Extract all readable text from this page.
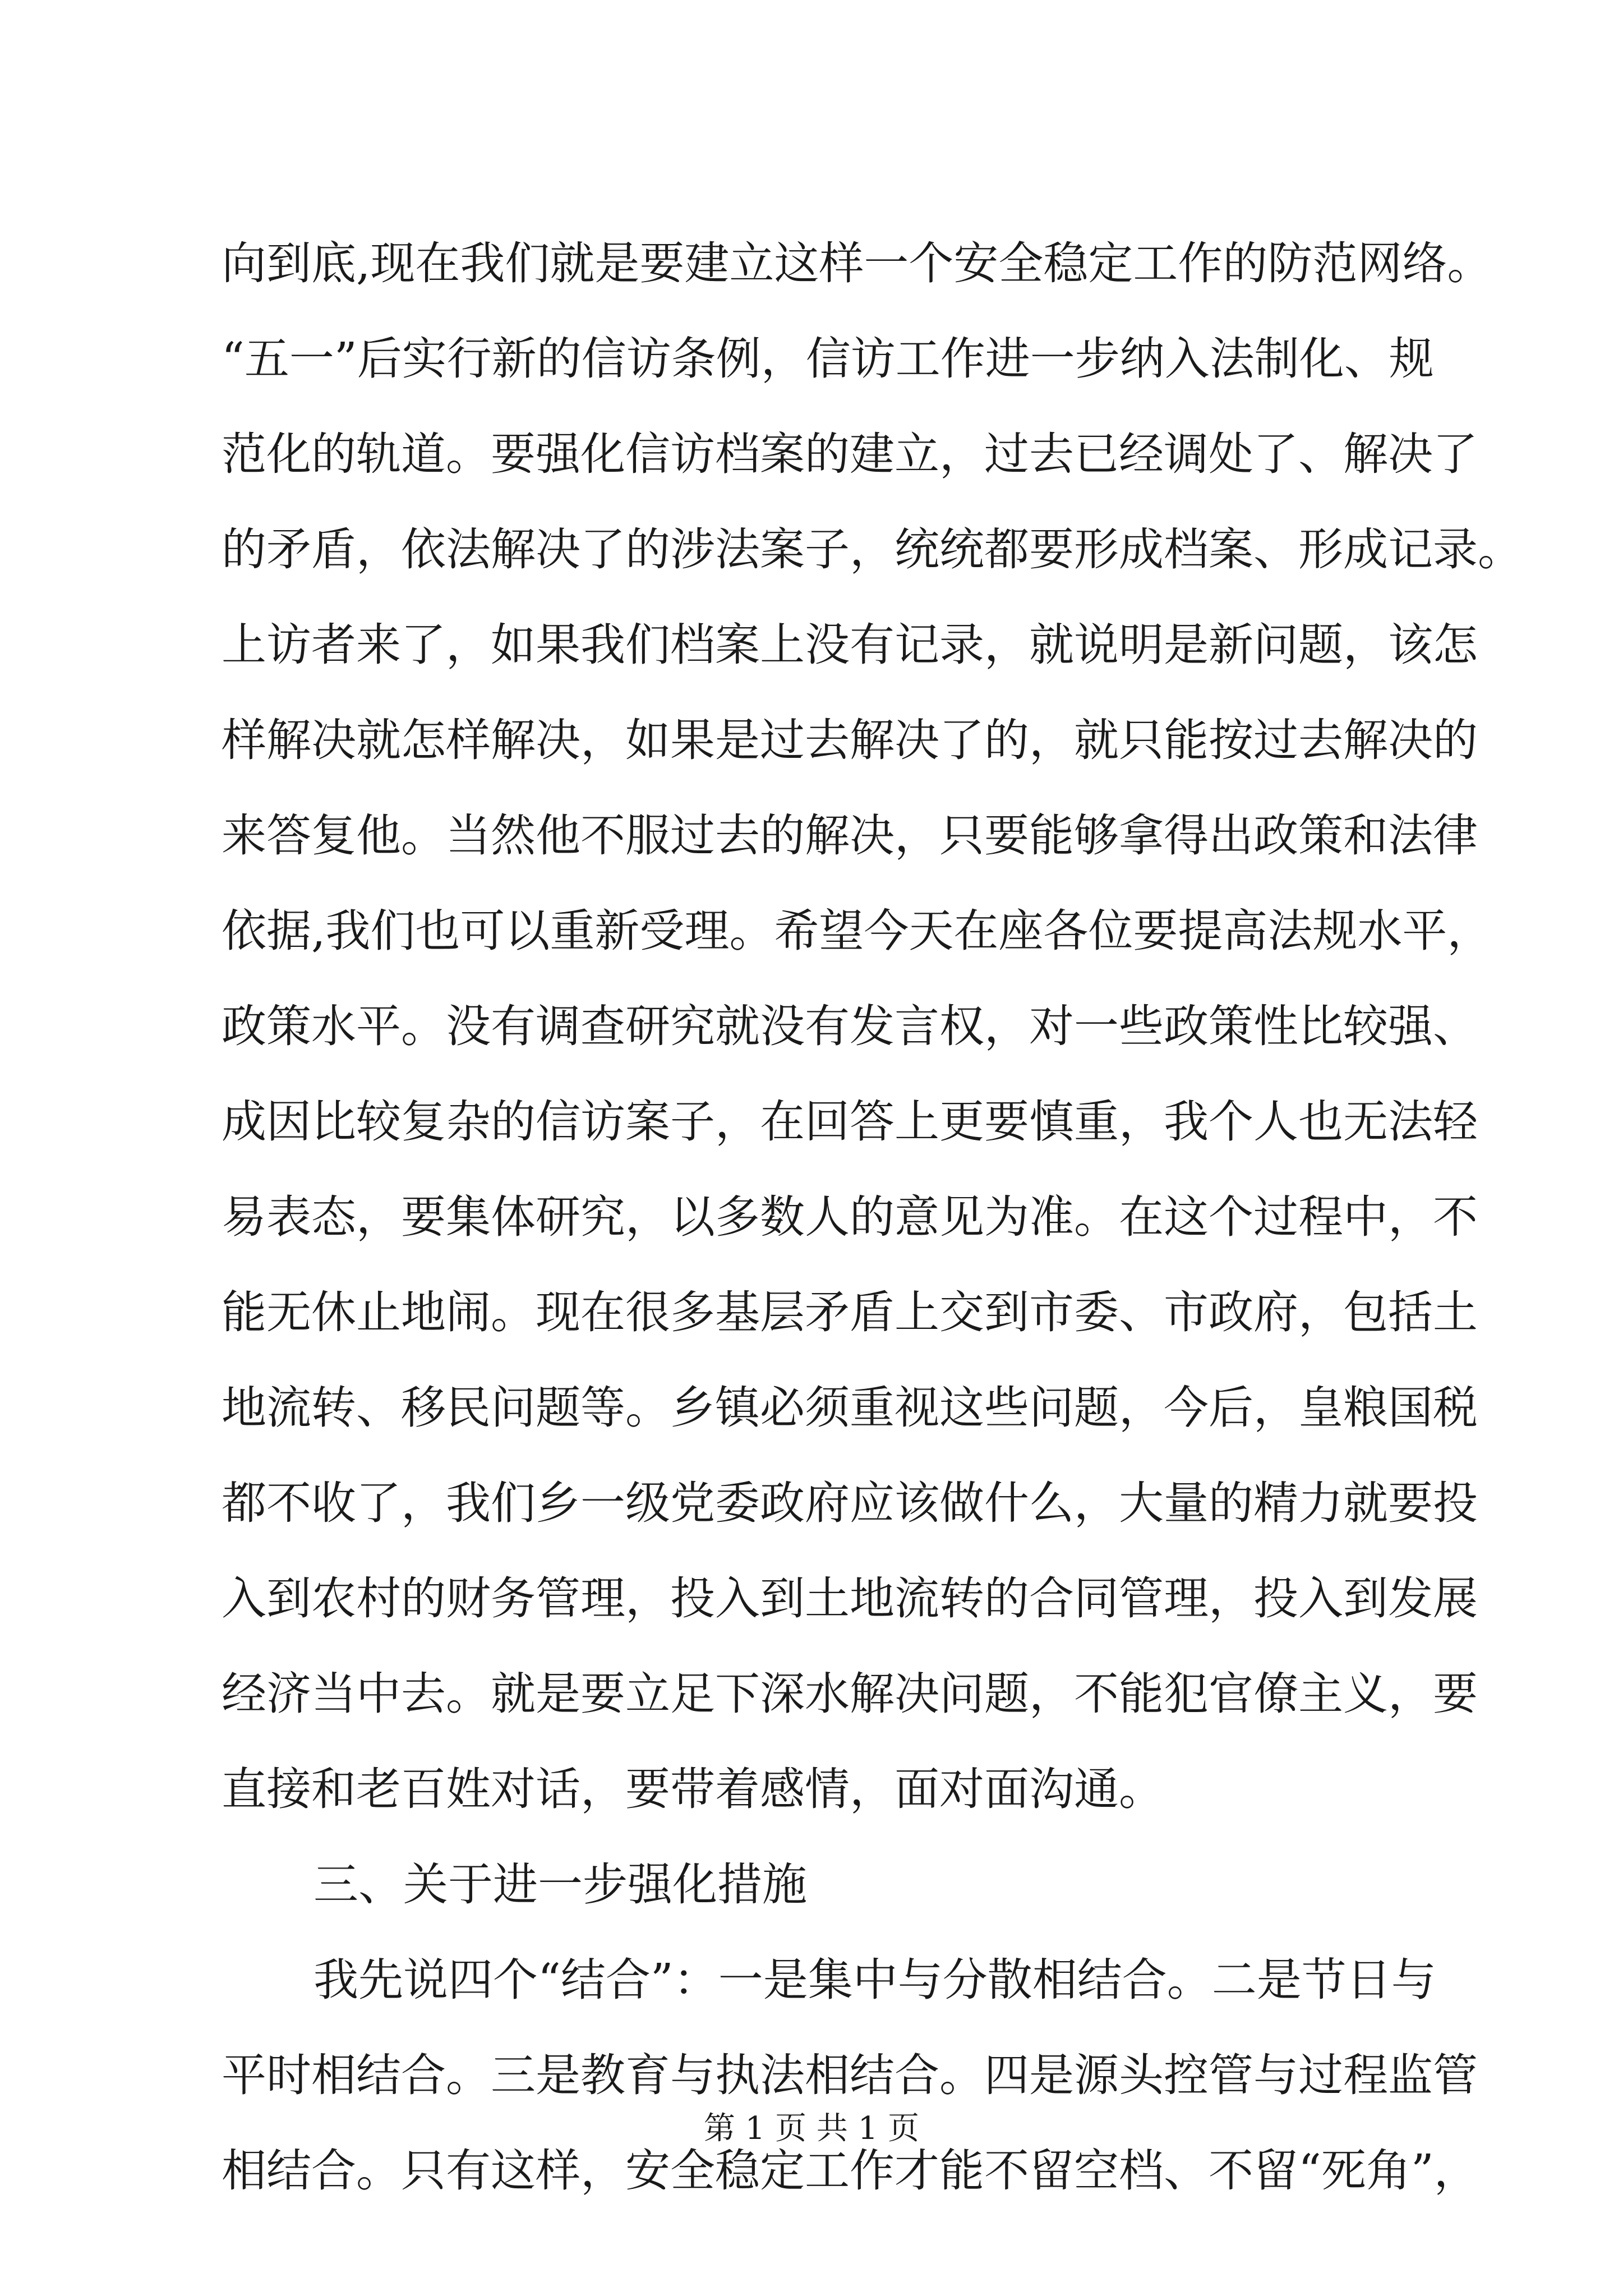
向到底,现在我们就是要建立这样一个安全稳定工作的防范网络。
“五一”后实行新的信访条例，信访工作进一步纳入法制化、规
范化的轨道。要强化信访档案的建立，过去已经调处了、解决了
的矛盾，依法解决了的涉法案子，统统都要形成档案、形成记录。
上访者来了，如果我们档案上没有记录，就说明是新问题，该怎
样解决就怎样解决，如果是过去解决了的，就只能按过去解决的
来答复他。当然他不服过去的解决，只要能够拿得出政策和法律
依据,我们也可以重新受理。希望今天在座各位要提高法规水平，
政策水平。没有调查研究就没有发言权，对一些政策性比较强、
成因比较复杂的信访案子，在回答上更要慎重，我个人也无法轻
易表态，要集体研究，以多数人的意见为准。在这个过程中，不
能无休止地闹。现在很多基层矛盾上交到市委、市政府，包括土
地流转、移民问题等。乡镇必须重视这些问题，今后，皇粮国税
都不收了，我们乡一级党委政府应该做什么，大量的精力就要投
入到农村的财务管理，投入到土地流转的合同管理，投入到发展
经济当中去。就是要立足下深水解决问题，不能犯官僚主义，要
直接和老百姓对话，要带着感情，面对面沟通。
三、关于进一步强化措施
我先说四个“结合”：一是集中与分散相结合。二是节日与
平时相结合。三是教育与执法相结合。四是源头控管与过程监管
相结合。只有这样，安全稳定工作才能不留空档、不留“死角”，
第 1 页 共 1 页
